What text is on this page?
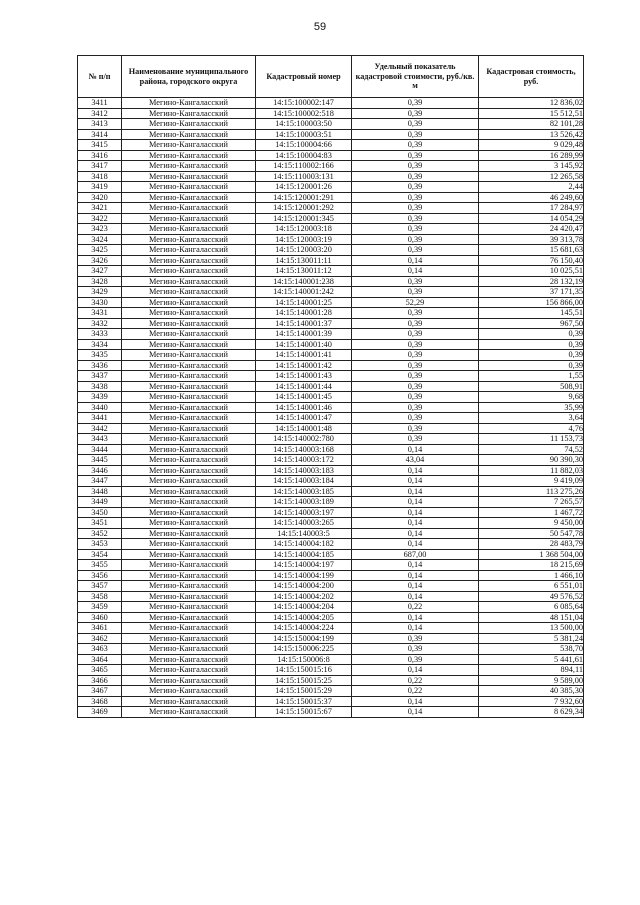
59
№ п/п	Наименование муниципального района, городского округа	Кадастровый номер	Удельный показатель кадастровой стоимости, руб./кв. м	Кадастровая стоимость, руб.
3411	Мегино-Кангаласский	14:15:100002:147	0,39	12 836,02
3412	Мегино-Кангаласский	14:15:100002:518	0,39	15 512,51
3413	Мегино-Кангаласский	14:15:100003:50	0,39	82 101,28
3414	Мегино-Кангаласский	14:15:100003:51	0,39	13 526,42
3415	Мегино-Кангаласский	14:15:100004:66	0,39	9 029,48
3416	Мегино-Кангаласский	14:15:100004:83	0,39	16 289,99
3417	Мегино-Кангаласский	14:15:110002:166	0,39	3 145,92
3418	Мегино-Кангаласский	14:15:110003:131	0,39	12 265,58
3419	Мегино-Кангаласский	14:15:120001:26	0,39	2,44
3420	Мегино-Кангаласский	14:15:120001:291	0,39	46 249,60
3421	Мегино-Кангаласский	14:15:120001:292	0,39	17 284,97
3422	Мегино-Кангаласский	14:15:120001:345	0,39	14 054,29
3423	Мегино-Кангаласский	14:15:120003:18	0,39	24 420,47
3424	Мегино-Кангаласский	14:15:120003:19	0,39	39 313,78
3425	Мегино-Кангаласский	14:15:120003:20	0,39	15 681,63
3426	Мегино-Кангаласский	14:15:130011:11	0,14	76 150,40
3427	Мегино-Кангаласский	14:15:130011:12	0,14	10 025,51
3428	Мегино-Кангаласский	14:15:140001:238	0,39	28 132,19
3429	Мегино-Кангаласский	14:15:140001:242	0,39	37 171,35
3430	Мегино-Кангаласский	14:15:140001:25	52,29	156 866,00
3431	Мегино-Кангаласский	14:15:140001:28	0,39	145,51
3432	Мегино-Кангаласский	14:15:140001:37	0,39	967,50
3433	Мегино-Кангаласский	14:15:140001:39	0,39	0,39
3434	Мегино-Кангаласский	14:15:140001:40	0,39	0,39
3435	Мегино-Кангаласский	14:15:140001:41	0,39	0,39
3436	Мегино-Кангаласский	14:15:140001:42	0,39	0,39
3437	Мегино-Кангаласский	14:15:140001:43	0,39	1,55
3438	Мегино-Кангаласский	14:15:140001:44	0,39	508,91
3439	Мегино-Кангаласский	14:15:140001:45	0,39	9,68
3440	Мегино-Кангаласский	14:15:140001:46	0,39	35,99
3441	Мегино-Кангаласский	14:15:140001:47	0,39	3,64
3442	Мегино-Кангаласский	14:15:140001:48	0,39	4,76
3443	Мегино-Кангаласский	14:15:140002:780	0,39	11 153,73
3444	Мегино-Кангаласский	14:15:140003:168	0,14	74,52
3445	Мегино-Кангаласский	14:15:140003:172	43,04	90 390,30
3446	Мегино-Кангаласский	14:15:140003:183	0,14	11 882,03
3447	Мегино-Кангаласский	14:15:140003:184	0,14	9 419,09
3448	Мегино-Кангаласский	14:15:140003:185	0,14	113 275,26
3449	Мегино-Кангаласский	14:15:140003:189	0,14	7 265,57
3450	Мегино-Кангаласский	14:15:140003:197	0,14	1 467,72
3451	Мегино-Кангаласский	14:15:140003:265	0,14	9 450,00
3452	Мегино-Кангаласский	14:15:140003:5	0,14	50 547,78
3453	Мегино-Кангаласский	14:15:140004:182	0,14	28 483,79
3454	Мегино-Кангаласский	14:15:140004:185	687,00	1 368 504,00
3455	Мегино-Кангаласский	14:15:140004:197	0,14	18 215,69
3456	Мегино-Кангаласский	14:15:140004:199	0,14	1 466,10
3457	Мегино-Кангаласский	14:15:140004:200	0,14	6 551,01
3458	Мегино-Кангаласский	14:15:140004:202	0,14	49 576,52
3459	Мегино-Кангаласский	14:15:140004:204	0,22	6 085,64
3460	Мегино-Кангаласский	14:15:140004:205	0,14	48 151,04
3461	Мегино-Кангаласский	14:15:140004:224	0,14	13 500,00
3462	Мегино-Кангаласский	14:15:150004:199	0,39	5 381,24
3463	Мегино-Кангаласский	14:15:150006:225	0,39	538,70
3464	Мегино-Кангаласский	14:15:150006:8	0,39	5 441,61
3465	Мегино-Кангаласский	14:15:150015:16	0,14	894,11
3466	Мегино-Кангаласский	14:15:150015:25	0,22	9 589,00
3467	Мегино-Кангаласский	14:15:150015:29	0,22	40 385,30
3468	Мегино-Кангаласский	14:15:150015:37	0,14	7 932,60
3469	Мегино-Кангаласский	14:15:150015:67	0,14	8 629,34
